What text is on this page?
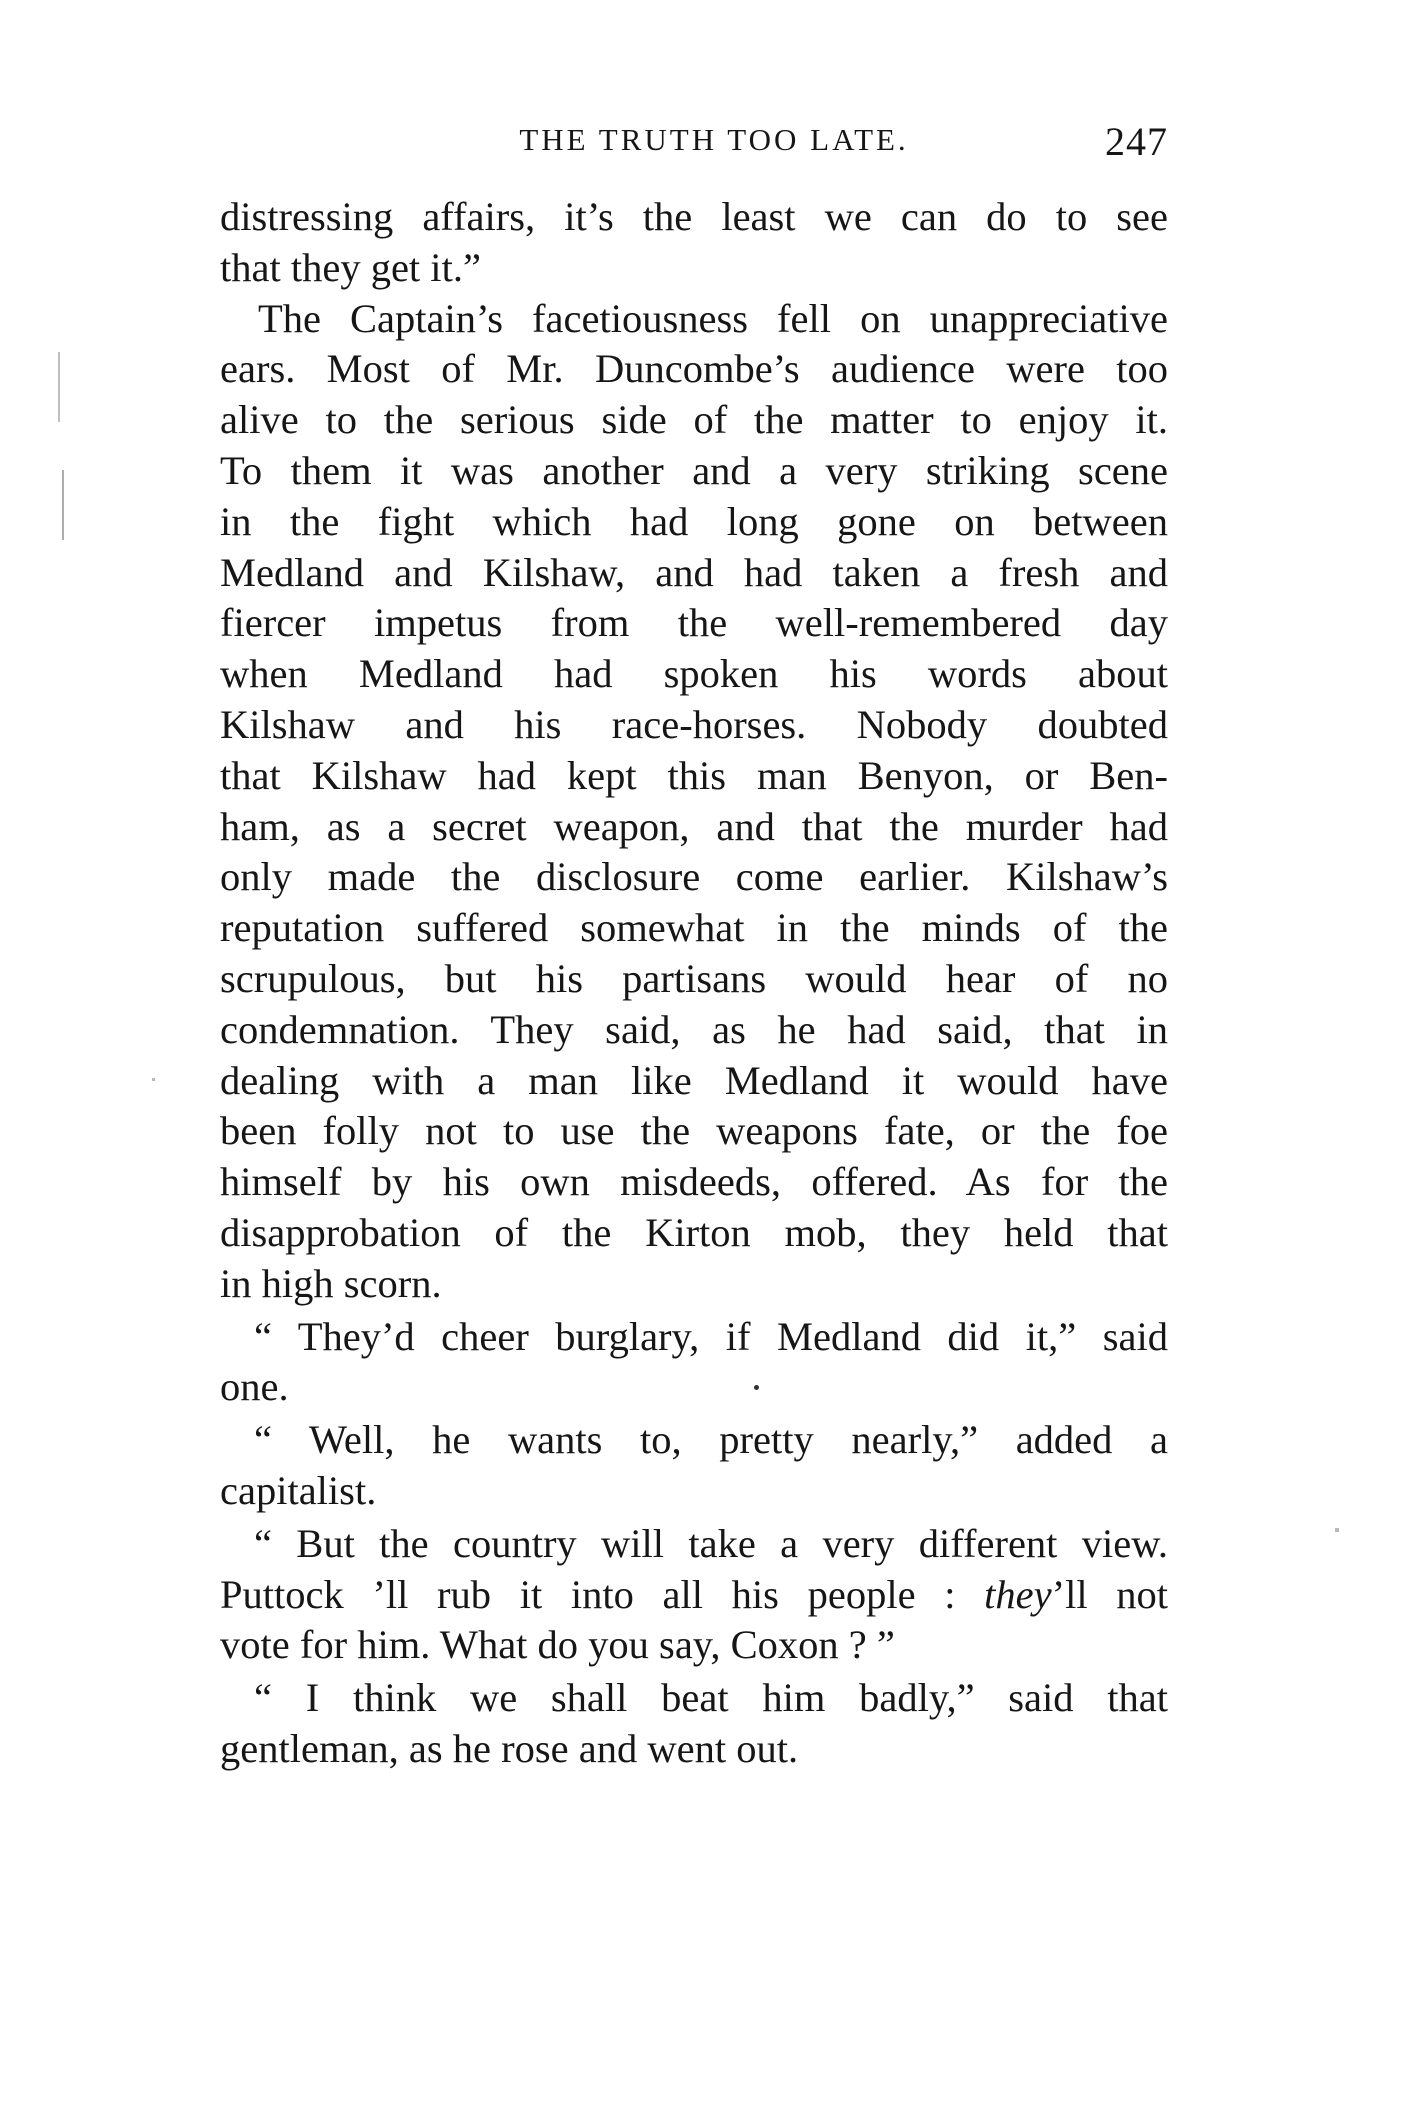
THE TRUTH TOO LATE.	247
distressing affairs, it’s the least we can do to see
that they get it.”
The Captain’s facetiousness fell on unappreciative
ears. Most of Mr. Duncombe’s audience were too
alive to the serious side of the matter to enjoy it.
To them it was another and a very striking scene
in the fight which had long gone on between
Medland and Kilshaw, and had taken a fresh and
fiercer impetus from the well-remembered day
when Medland had spoken his words about
Kilshaw and his race-horses. Nobody doubted
that Kilshaw had kept this man Benyon, or Ben-
ham, as a secret weapon, and that the murder had
only made the disclosure come earlier. Kilshaw’s
reputation suffered somewhat in the minds of the
scrupulous, but his partisans would hear of no
condemnation. They said, as he had said, that in
dealing with a man like Medland it would have
been folly not to use the weapons fate, or the foe
himself by his own misdeeds, offered. As for the
disapprobation of the Kirton mob, they held that
in high scorn.
“ They’d cheer burglary, if Medland did it,” said
one.
“ Well, he wants to, pretty nearly,” added a
capitalist.
“ But the country will take a very different view.
Puttock ’ll rub it into all his people : they’ll not
vote for him. What do you say, Coxon ? ”
“ I think we shall beat him badly,” said that
gentleman, as he rose and went out.
